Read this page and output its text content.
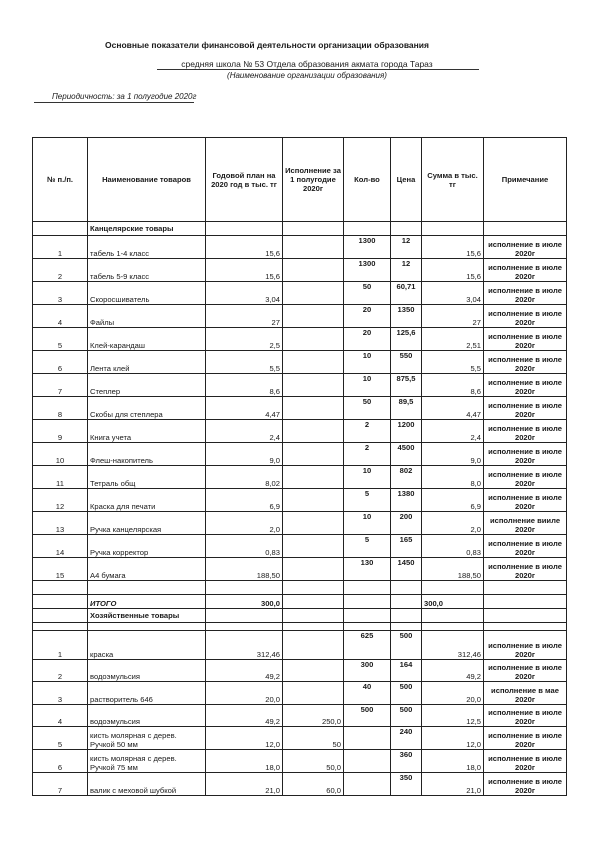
Основные показатели финансовой деятельности организации образования
средняя школа № 53 Отдела образования акмата города Тараз
(Наименование организации образования)
Периодичность: за 1 полугодие 2020г
№ п./п.	Наименование товаров	Годовой план на 2020 год в тыс. тг	Исполнение за 1 полугодие 2020г	Кол-во	Цена	Сумма в тыс. тг	Примечание
	Канцелярские товары						
1	табель 1-4 класс	15,6		1300	12	15,6	исполнение в июле 2020г
2	табель 5-9 класс	15,6		1300	12	15,6	исполнение в июле 2020г
3	Скоросшиватель	3,04		50	60,71	3,04	исполнение в июле 2020г
4	Файлы	27		20	1350	27	исполнение в июле 2020г
5	Клей-карандаш	2,5		20	125,6	2,51	исполнение в июле 2020г
6	Лента клей	5,5		10	550	5,5	исполнение в июле 2020г
7	Степлер	8,6		10	875,5	8,6	исполнение в июле 2020г
8	Скобы для степлера	4,47		50	89,5	4,47	исполнение в июле 2020г
9	Книга учета	2,4		2	1200	2,4	исполнение в июле 2020г
10	Флеш-накопитель	9,0		2	4500	9,0	исполнение в июле 2020г
11	Тетраль общ	8,02		10	802	8,0	исполнение в июле 2020г
12	Краска для печати	6,9		5	1380	6,9	исполнение в июле 2020г
13	Ручка канцелярская	2,0		10	200	2,0	исполнение вииле 2020г
14	Ручка корректор	0,83		5	165	0,83	исполнение в июле 2020г
15	А4 бумага	188,50		130	1450	188,50	исполнение в июле 2020г

	ИТОГО	300,0				300,0	
	Хозяйственные товары						

1	краска	312,46		625	500	312,46	исполнение в июле 2020г
2	водоэмульсия	49,2		300	164	49,2	исполнение в июле 2020г
3	растворитель 646	20,0		40	500	20,0	исполнение в мае 2020г
4	водоэмульсия	49,2	250,0	500	500	12,5	исполнение в июле 2020г
5	кисть молярная с дерев. Ручкой 50 мм	12,0	50		240	12,0	исполнение в июле 2020г
6	кисть молярная с дерев. Ручкой 75 мм	18,0	50,0		360	18,0	исполнение в июле 2020г
7	валик с меховой шубкой	21,0	60,0		350	21,0	исполнение в июле 2020г
